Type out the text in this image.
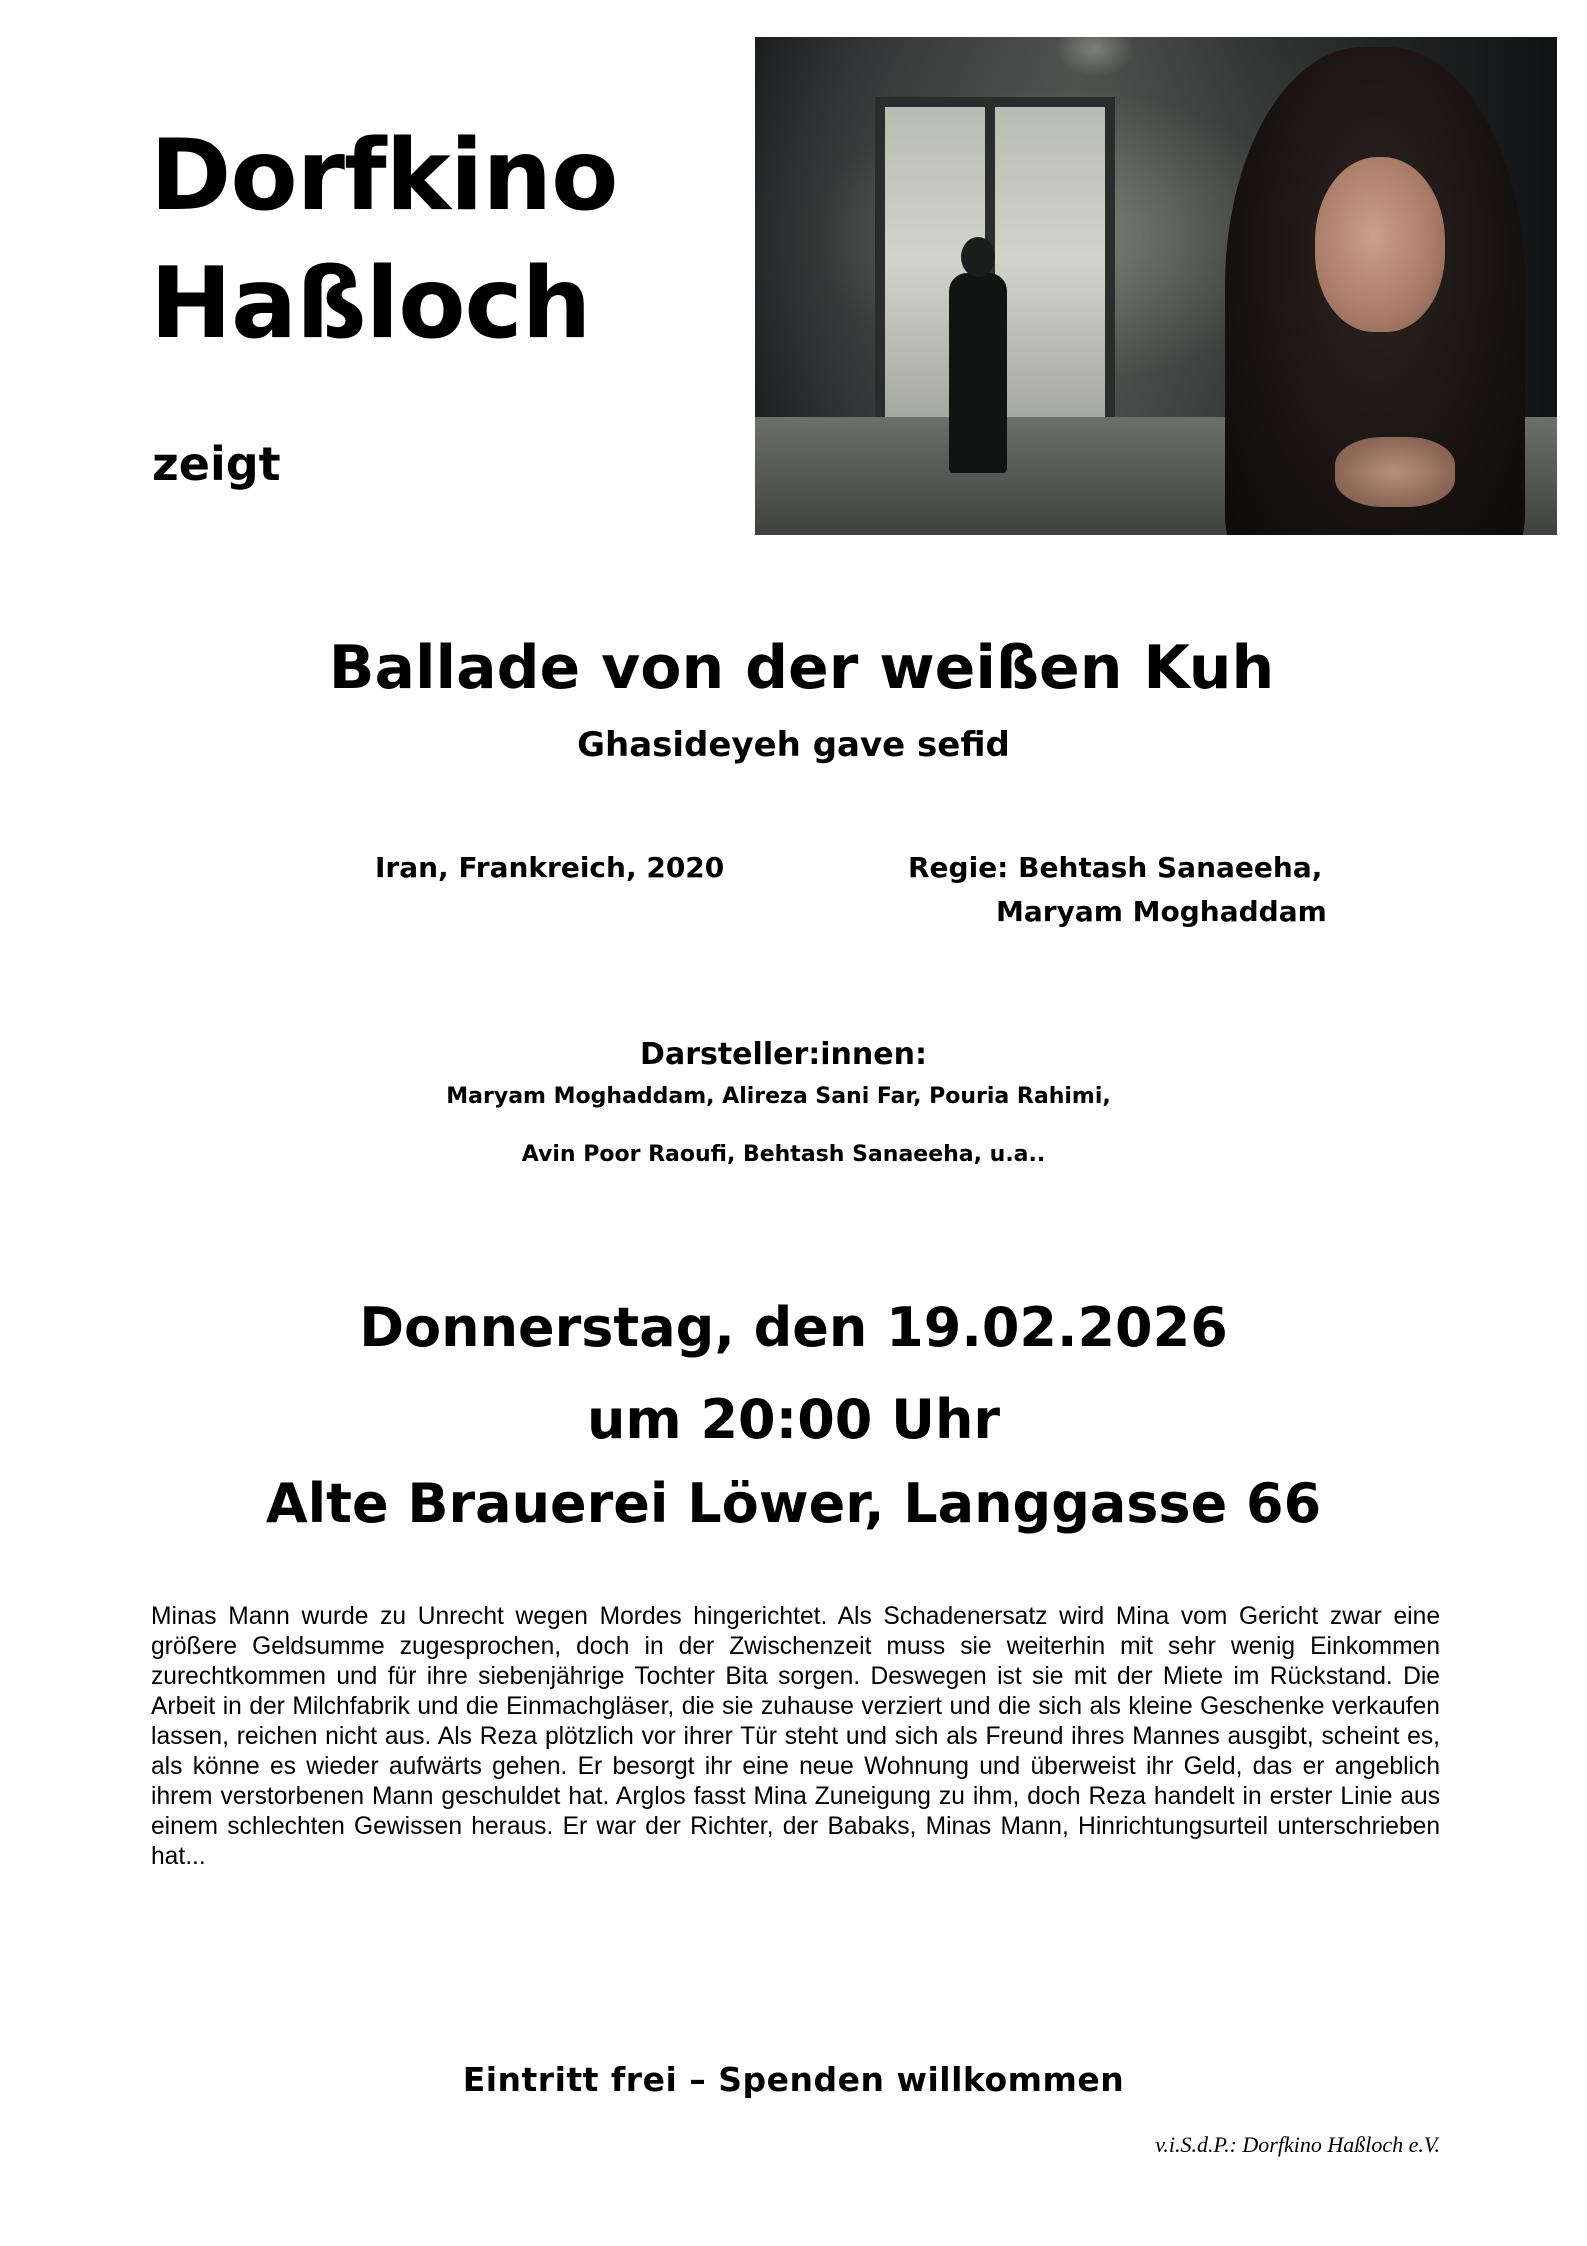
Dorfkino
Haßloch
zeigt
Ballade von der weißen Kuh
Ghasideyeh gave sefid
Iran, Frankreich, 2020	Regie: Behtash Sanaeeha,
Maryam Moghaddam
Darsteller:innen:
Maryam Moghaddam, Alireza Sani Far, Pouria Rahimi,
Avin Poor Raoufi, Behtash Sanaeeha, u.a..
Donnerstag, den 19.02.2026
um 20:00 Uhr
Alte Brauerei Löwer, Langgasse 66

Minas Mann wurde zu Unrecht wegen Mordes hingerichtet. Als Schadenersatz wird Mina vom Gericht zwar eine größere Geldsumme zugesprochen, doch in der Zwischenzeit muss sie weiterhin mit sehr wenig Einkommen zurechtkommen und für ihre siebenjährige Tochter Bita sorgen. Deswegen ist sie mit der Miete im Rückstand. Die Arbeit in der Milchfabrik und die Einmachgläser, die sie zuhause verziert und die sich als kleine Geschenke verkaufen lassen, reichen nicht aus. Als Reza plötzlich vor ihrer Tür steht und sich als Freund ihres Mannes ausgibt, scheint es, als könne es wieder aufwärts gehen. Er besorgt ihr eine neue Wohnung und überweist ihr Geld, das er angeblich ihrem verstorbenen Mann geschuldet hat. Arglos fasst Mina Zuneigung zu ihm, doch Reza handelt in erster Linie aus einem schlechten Gewissen heraus. Er war der Richter, der Babaks, Minas Mann, Hinrichtungsurteil unterschrieben hat...

Eintritt frei – Spenden willkommen
v.i.S.d.P.: Dorfkino Haßloch e.V.
